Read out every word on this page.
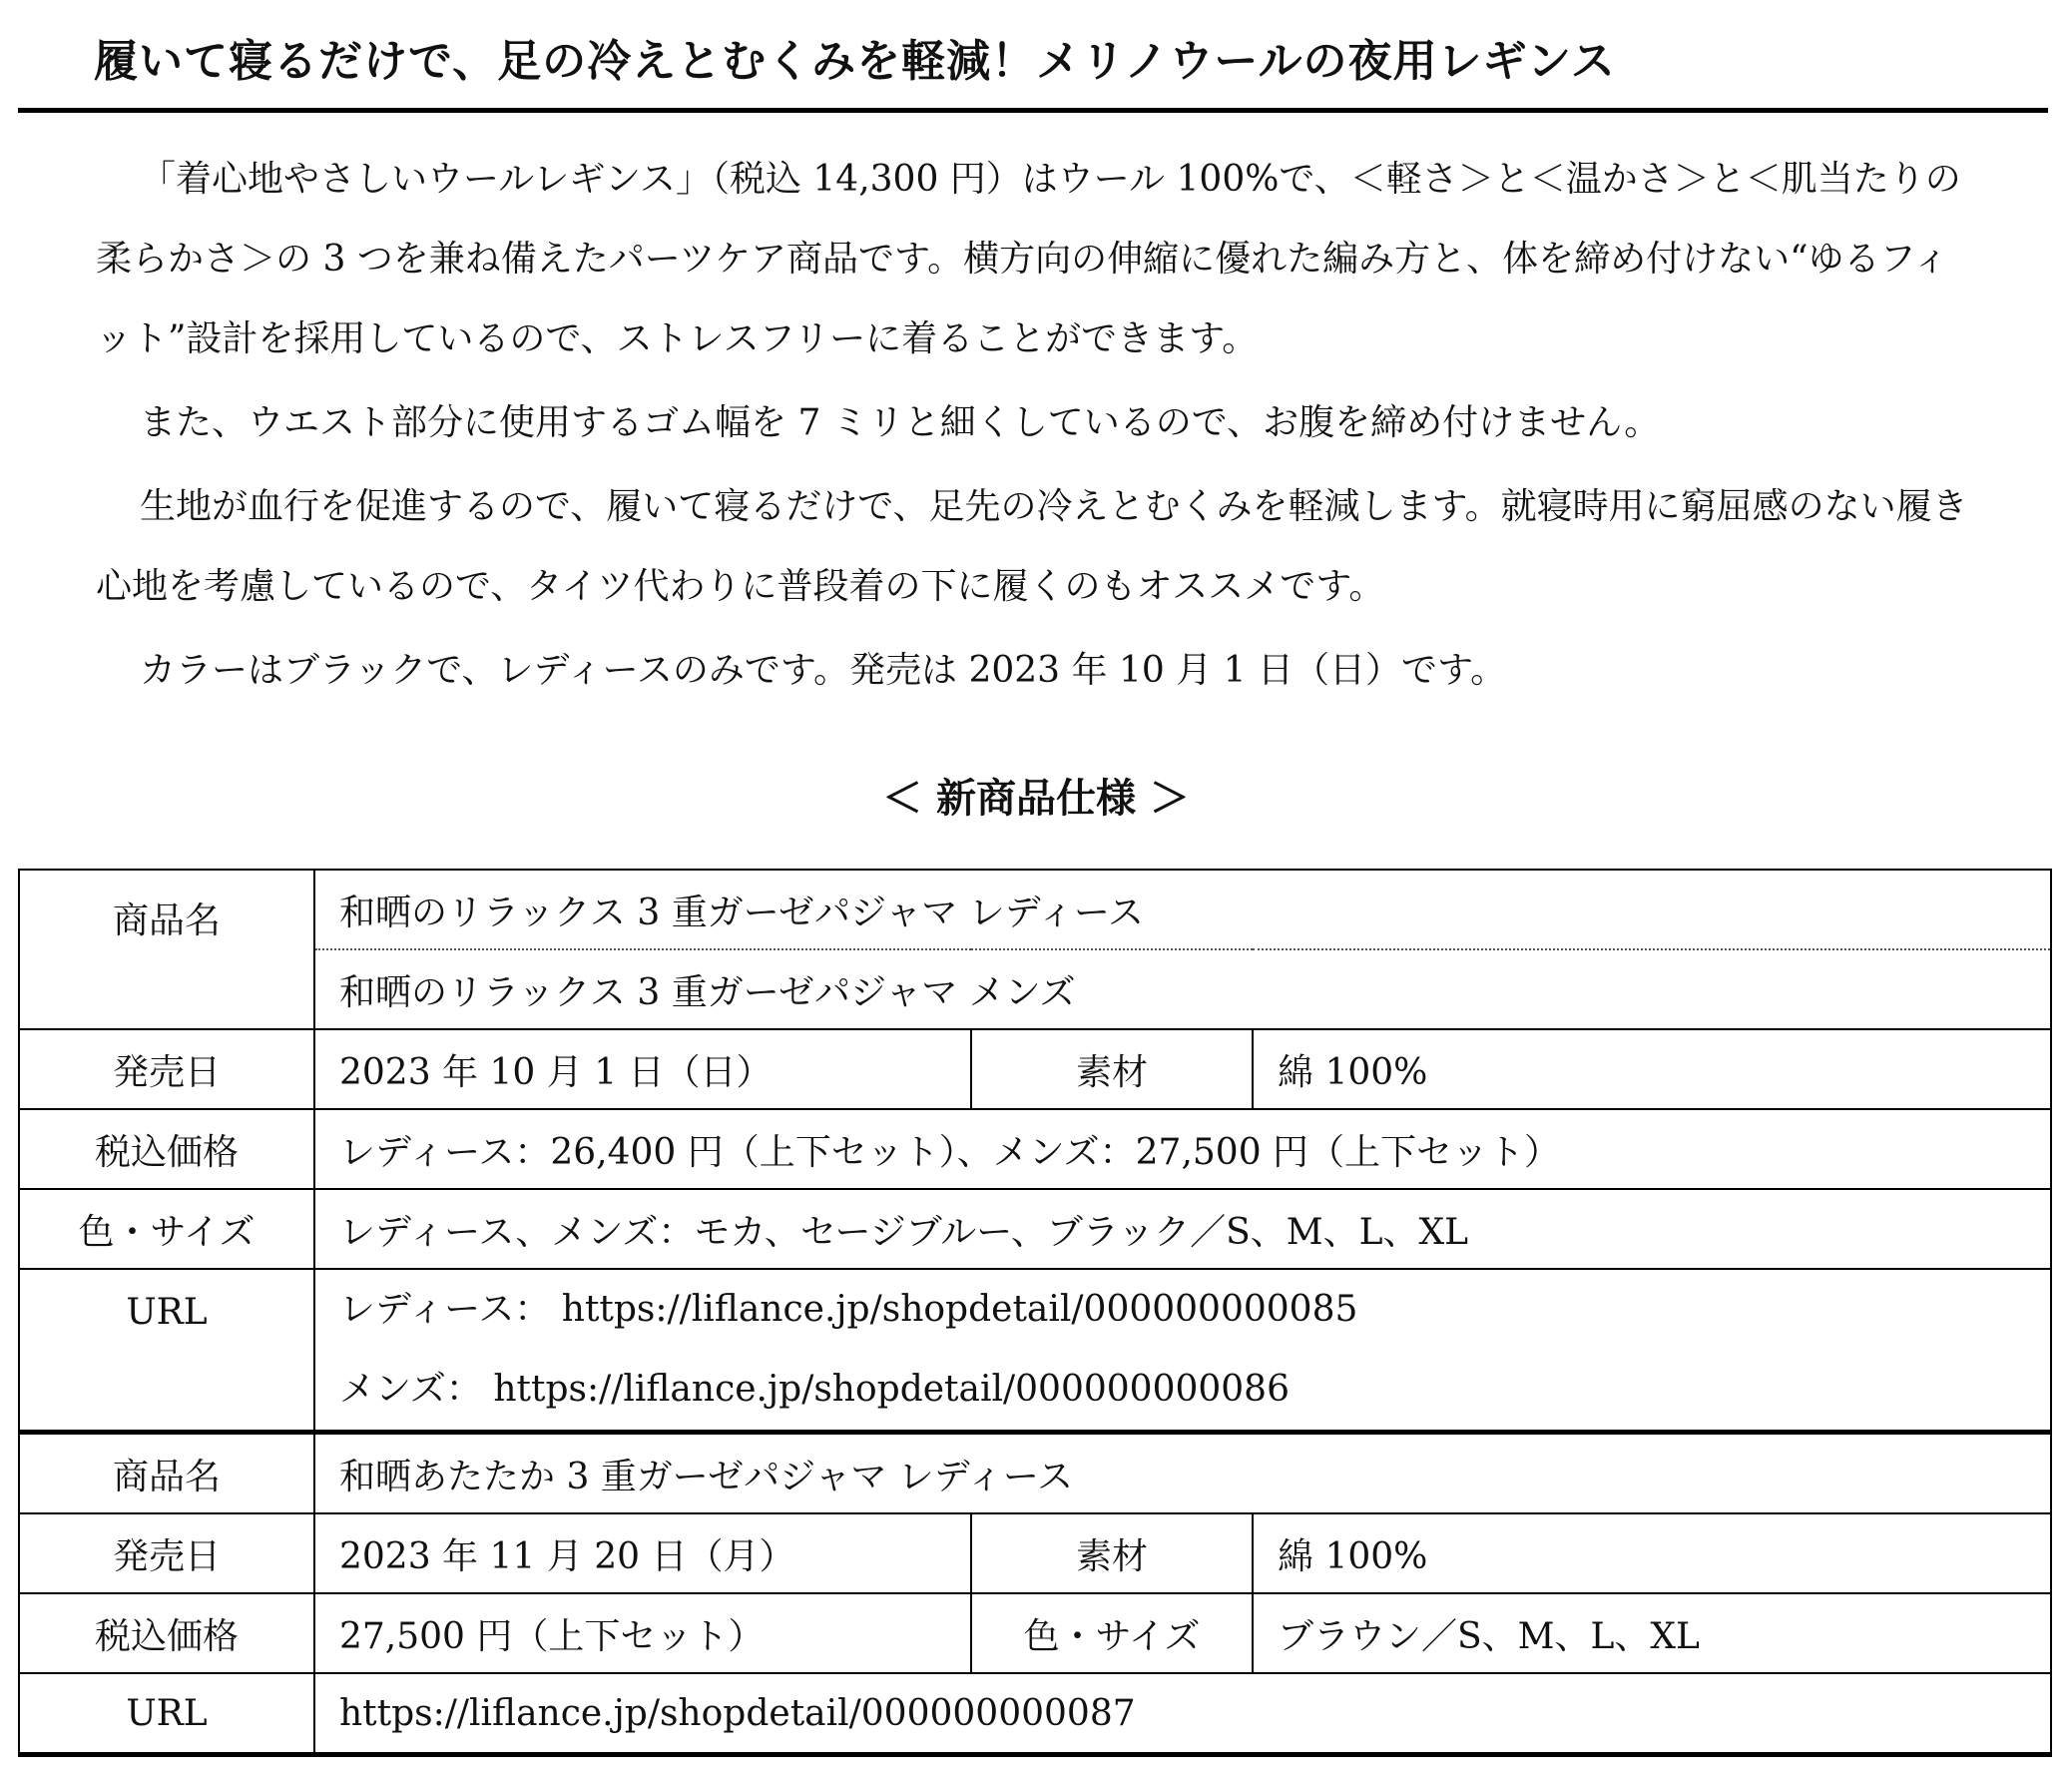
履いて寝るだけで、足の冷えとむくみを軽減！メリノウールの夜用レギンス

「着心地やさしいウールレギンス」（税込 14,300 円）はウール 100%で、＜軽さ＞と＜温かさ＞と＜肌当たりの柔らかさ＞の 3 つを兼ね備えたパーツケア商品です。横方向の伸縮に優れた編み方と、体を締め付けない“ゆるフィット”設計を採用しているので、ストレスフリーに着ることができます。

また、ウエスト部分に使用するゴム幅を 7 ミリと細くしているので、お腹を締め付けません。

生地が血行を促進するので、履いて寝るだけで、足先の冷えとむくみを軽減します。就寝時用に窮屈感のない履き心地を考慮しているので、タイツ代わりに普段着の下に履くのもオススメです。

カラーはブラックで、レディースのみです。発売は 2023 年 10 月 1 日（日）です。

＜ 新商品仕様 ＞
商品名	和晒のリラックス 3 重ガーゼパジャマ レディース		
	和晒のリラックス 3 重ガーゼパジャマ メンズ		
発売日	2023 年 10 月 1 日（日）	素材	綿 100%
税込価格	レディース：26,400 円（上下セット）、メンズ：27,500 円（上下セット）		
色・サイズ	レディース、メンズ：モカ、セージブルー、ブラック／S、M、L、XL		
URL	レディース： https://liflance.jp/shopdetail/000000000085
メンズ： https://liflance.jp/shopdetail/000000000086		

商品名	和晒あたたか 3 重ガーゼパジャマ レディース		
発売日	2023 年 11 月 20 日（月）	素材	綿 100%
税込価格	27,500 円（上下セット）	色・サイズ	ブラウン／S、M、L、XL
URL	https://liflance.jp/shopdetail/000000000087		
